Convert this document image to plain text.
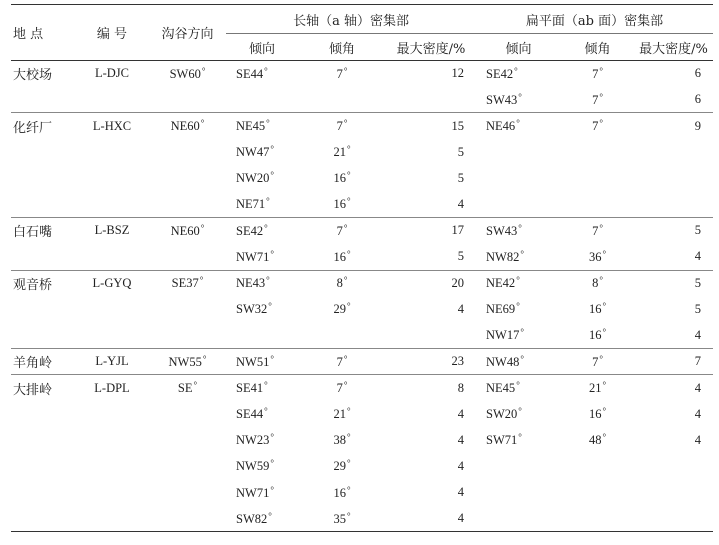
地 点	编 号	沟谷方向	长轴（a 轴）密集部			扁平面（ab 面）密集部		
			倾向	倾角	最大密度/%	倾向	倾角	最大密度/%
大校场	L-DJC	SW60°	SE44°	7°	12	SE42°	7°	6
						SW43°	7°	6
化纤厂	L-HXC	NE60°	NE45°	7°	15	NE46°	7°	9
			NW47°	21°	5			
			NW20°	16°	5			
			NE71°	16°	4			
白石嘴	L-BSZ	NE60°	SE42°	7°	17	SW43°	7°	5
			NW71°	16°	5	NW82°	36°	4
观音桥	L-GYQ	SE37°	NE43°	8°	20	NE42°	8°	5
			SW32°	29°	4	NE69°	16°	5
						NW17°	16°	4
羊角岭	L-YJL	NW55°	NW51°	7°	23	NW48°	7°	7
大排岭	L-DPL	SE°	SE41°	7°	8	NE45°	21°	4
			SE44°	21°	4	SW20°	16°	4
			NW23°	38°	4	SW71°	48°	4
			NW59°	29°	4			
			NW71°	16°	4			
			SW82°	35°	4			
